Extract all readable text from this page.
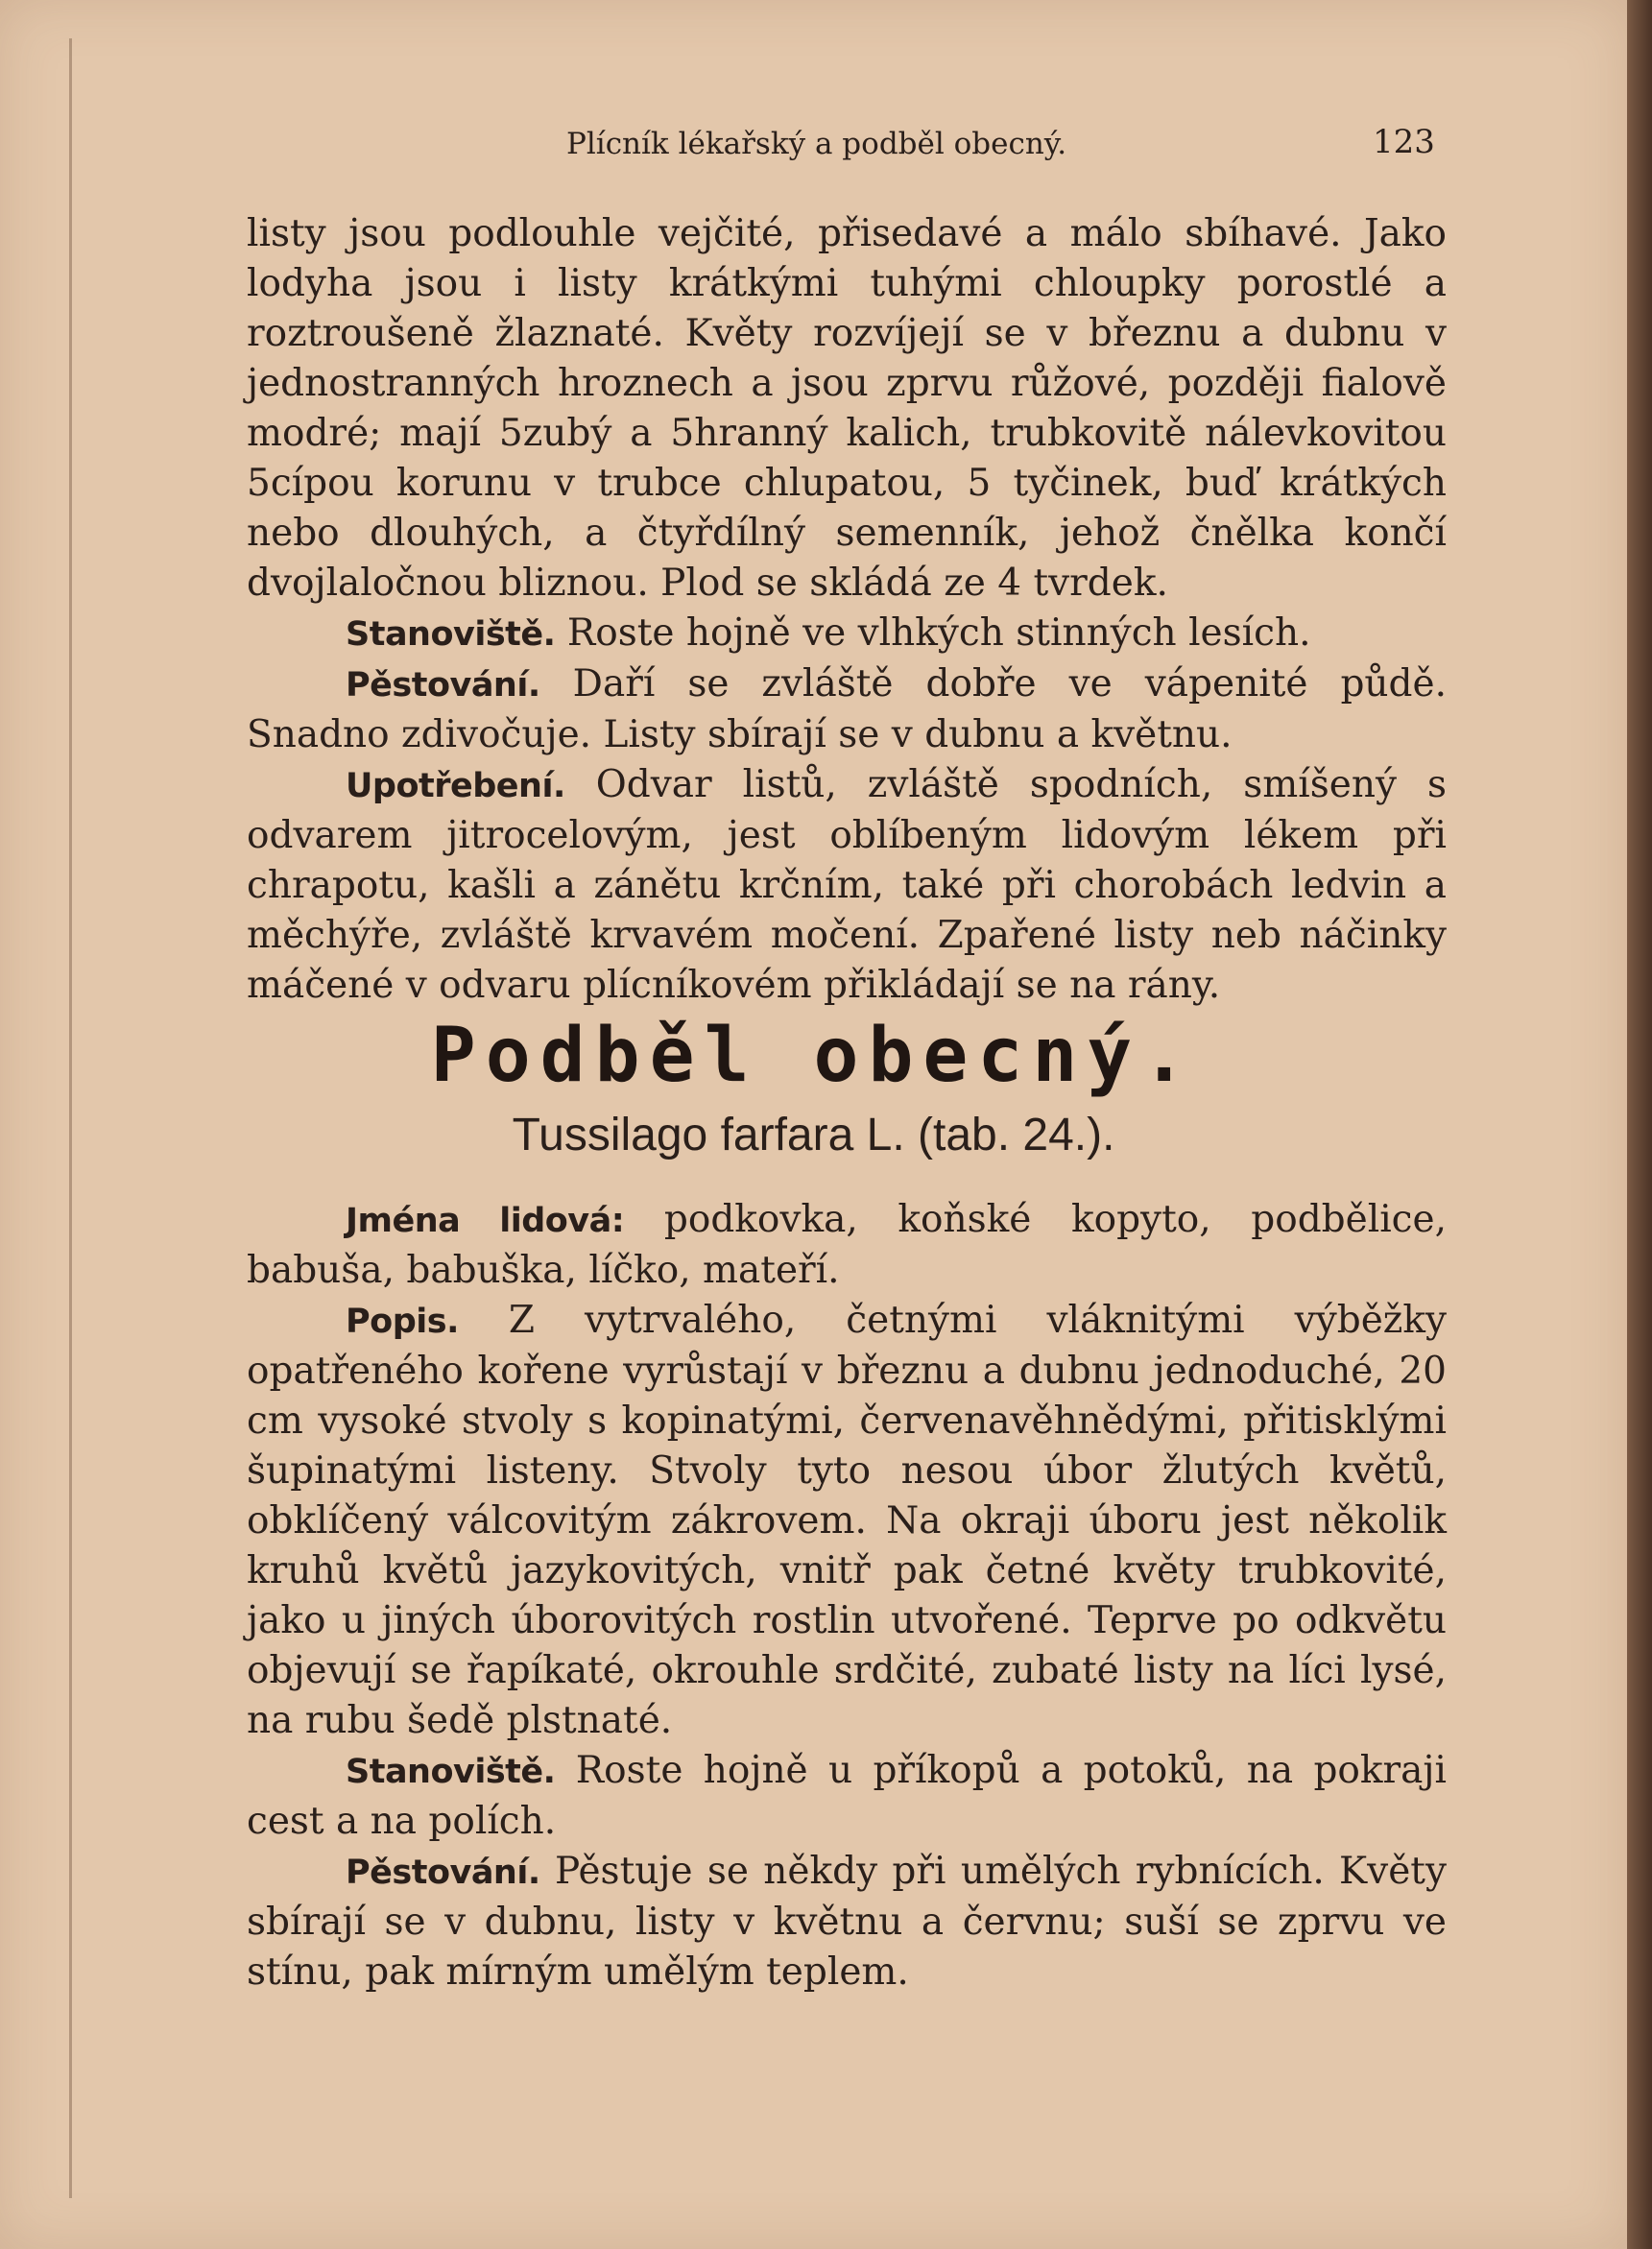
Plícník lékařský a podběl obecný.	123

listy jsou podlouhle vejčité, přisedavé a málo sbíhavé. Jako lodyha jsou i listy krátkými tuhými chloupky porostlé a roztroušeně žlaznaté. Květy rozvíjejí se v březnu a dubnu v jednostranných hroznech a jsou zprvu růžové, později fialově modré; mají 5zubý a 5hranný kalich, trubkovitě nálevkovitou 5cípou korunu v trubce chlupatou, 5 tyčinek, buď krátkých nebo dlouhých, a čtyřdílný semenník, jehož čnělka končí dvojlaločnou bliznou. Plod se skládá ze 4 tvrdek.

Stanoviště. Roste hojně ve vlhkých stinných lesích.

Pěstování. Daří se zvláště dobře ve vápenité půdě. Snadno zdivočuje. Listy sbírají se v dubnu a květnu.

Upotřebení. Odvar listů, zvláště spodních, smíšený s odvarem jitrocelovým, jest oblíbeným lidovým lékem při chrapotu, kašli a zánětu krčním, také při chorobách ledvin a měchýře, zvláště krvavém močení. Zpařené listy neb náčinky máčené v odvaru plícníkovém přikládají se na rány.

Podběl obecný.
Tussilago farfara L. (tab. 24.).

Jména lidová: podkovka, koňské kopyto, podbělice, babuša, babuška, líčko, mateří.

Popis. Z vytrvalého, četnými vláknitými výběžky opatřeného kořene vyrůstají v březnu a dubnu jednoduché, 20 cm vysoké stvoly s kopinatými, červenavěhnědými, přitisklými šupinatými listeny. Stvoly tyto nesou úbor žlutých květů, obklíčený válcovitým zákrovem. Na okraji úboru jest několik kruhů květů jazykovitých, vnitř pak četné květy trubkovité, jako u jiných úborovitých rostlin utvořené. Teprve po odkvětu objevují se řapíkaté, okrouhle srdčité, zubaté listy na líci lysé, na rubu šedě plstnaté.

Stanoviště. Roste hojně u příkopů a potoků, na pokraji cest a na polích.

Pěstování. Pěstuje se někdy při umělých rybnících. Květy sbírají se v dubnu, listy v květnu a červnu; suší se zprvu ve stínu, pak mírným umělým teplem.
